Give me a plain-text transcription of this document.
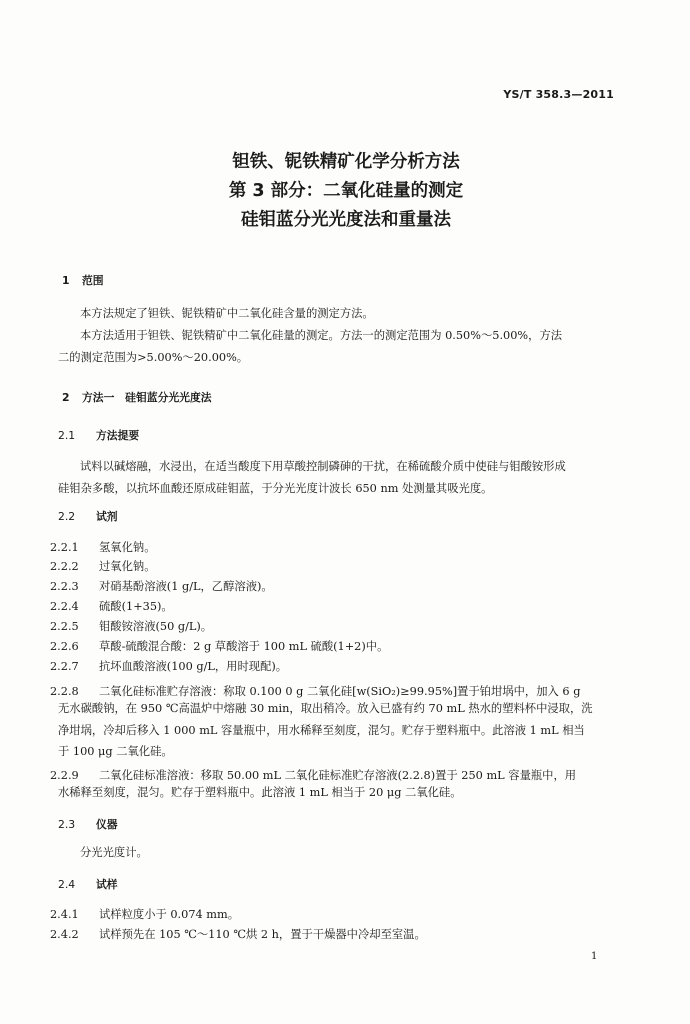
YS/T 358.3—2011
钽铁、铌铁精矿化学分析方法
第 3 部分：二氧化硅量的测定
硅钼蓝分光光度法和重量法
1 范围
本方法规定了钽铁、铌铁精矿中二氧化硅含量的测定方法。
本方法适用于钽铁、铌铁精矿中二氧化硅量的测定。方法一的测定范围为 0.50%～5.00%，方法
二的测定范围为>5.00%～20.00%。
2 方法一　硅钼蓝分光光度法
2.1 方法提要
试料以碱熔融，水浸出，在适当酸度下用草酸控制磷砷的干扰，在稀硫酸介质中使硅与钼酸铵形成
硅钼杂多酸，以抗坏血酸还原成硅钼蓝，于分光光度计波长 650 nm 处测量其吸光度。
2.2 试剂
2.2.1 氢氧化钠。
2.2.2 过氧化钠。
2.2.3 对硝基酚溶液(1 g/L，乙醇溶液)。
2.2.4 硫酸(1+35)。
2.2.5 钼酸铵溶液(50 g/L)。
2.2.6 草酸-硫酸混合酸：2 g 草酸溶于 100 mL 硫酸(1+2)中。
2.2.7 抗坏血酸溶液(100 g/L，用时现配)。
2.2.8 二氧化硅标准贮存溶液：称取 0.100 0 g 二氧化硅[w(SiO₂)≥99.95%]置于铂坩埚中，加入 6 g
无水碳酸钠，在 950 ℃高温炉中熔融 30 min，取出稍冷。放入已盛有约 70 mL 热水的塑料杯中浸取，洗
净坩埚，冷却后移入 1 000 mL 容量瓶中，用水稀释至刻度，混匀。贮存于塑料瓶中。此溶液 1 mL 相当
于 100 μg 二氧化硅。
2.2.9 二氧化硅标准溶液：移取 50.00 mL 二氧化硅标准贮存溶液(2.2.8)置于 250 mL 容量瓶中，用
水稀释至刻度，混匀。贮存于塑料瓶中。此溶液 1 mL 相当于 20 μg 二氧化硅。
2.3 仪器
分光光度计。
2.4 试样
2.4.1 试样粒度小于 0.074 mm。
2.4.2 试样预先在 105 ℃～110 ℃烘 2 h，置于干燥器中冷却至室温。
1
